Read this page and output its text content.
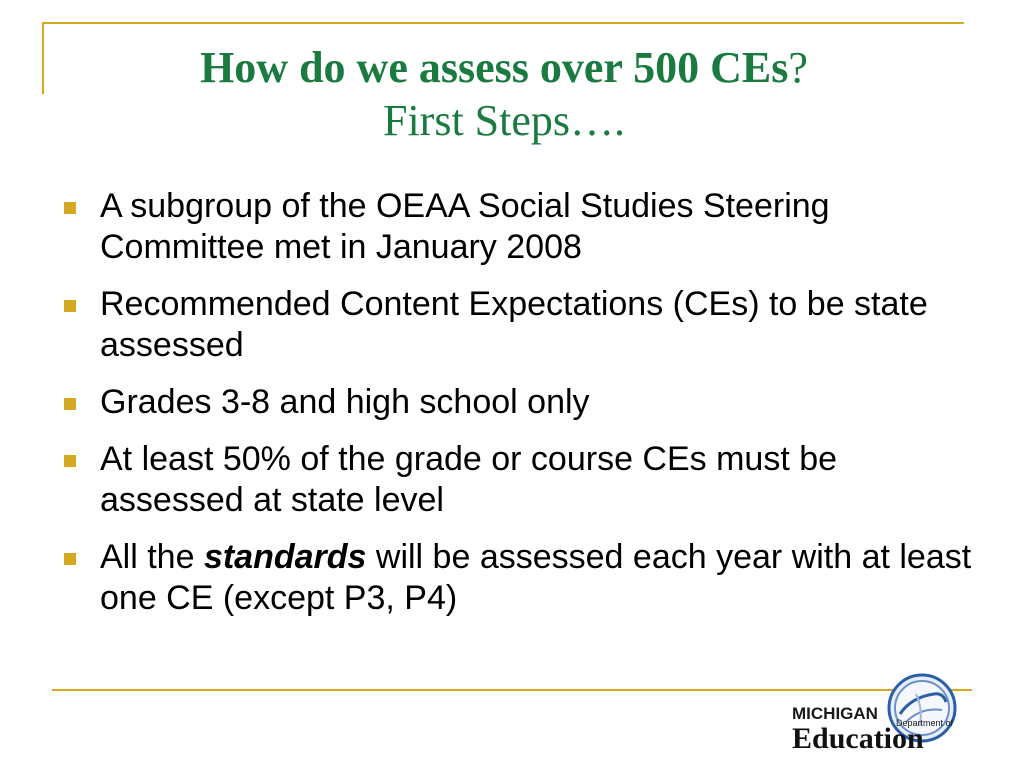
How do we assess over 500 CEs?
First Steps….
A subgroup of the OEAA Social Studies Steering Committee met in January 2008
Recommended Content Expectations (CEs) to be state assessed
Grades 3-8 and high school only
At least 50% of the grade or course CEs must be assessed at state level
All the standards will be assessed each year with at least one CE (except P3, P4)
MICHIGAN Department of
Education
